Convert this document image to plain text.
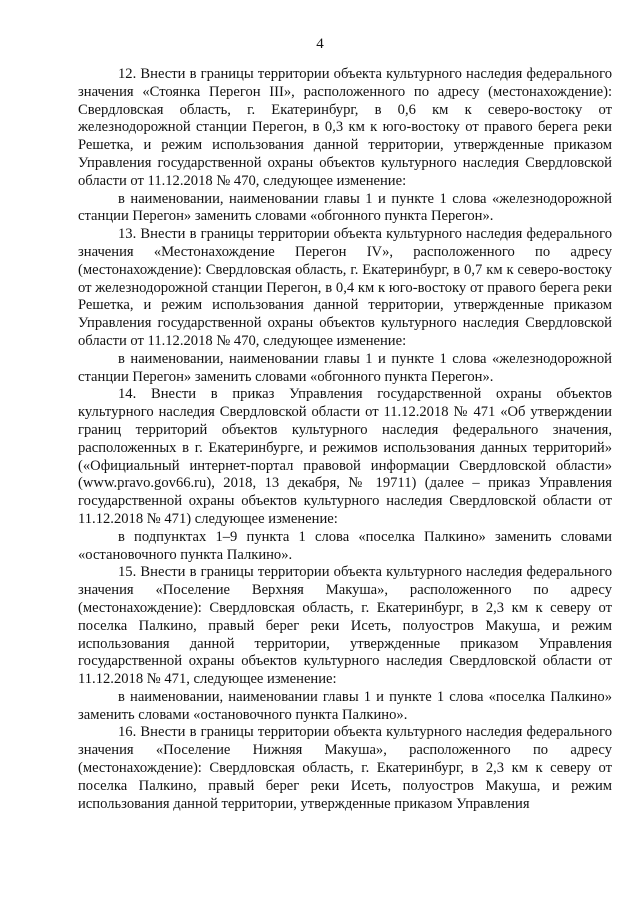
4

12. Внести в границы территории объекта культурного наследия федерального значения «Стоянка Перегон III», расположенного по адресу (местонахождение): Свердловская область, г. Екатеринбург, в 0,6 км к северо-востоку от железнодорожной станции Перегон, в 0,3 км к юго-востоку от правого берега реки Решетка, и режим использования данной территории, утвержденные приказом Управления государственной охраны объектов культурного наследия Свердловской области от 11.12.2018 № 470, следующее изменение:

в наименовании, наименовании главы 1 и пункте 1 слова «железнодорожной станции Перегон» заменить словами «обгонного пункта Перегон».

13. Внести в границы территории объекта культурного наследия федерального значения «Местонахождение Перегон IV», расположенного по адресу (местонахождение): Свердловская область, г. Екатеринбург, в 0,7 км к северо-востоку от железнодорожной станции Перегон, в 0,4 км к юго-востоку от правого берега реки Решетка, и режим использования данной территории, утвержденные приказом Управления государственной охраны объектов культурного наследия Свердловской области от 11.12.2018 № 470, следующее изменение:

в наименовании, наименовании главы 1 и пункте 1 слова «железнодорожной станции Перегон» заменить словами «обгонного пункта Перегон».

14. Внести в приказ Управления государственной охраны объектов культурного наследия Свердловской области от 11.12.2018 № 471 «Об утверждении границ территорий объектов культурного наследия федерального значения, расположенных в г. Екатеринбурге, и режимов использования данных территорий» («Официальный интернет-портал правовой информации Свердловской области» (www.pravo.gov66.ru), 2018, 13 декабря, № 19711) (далее – приказ Управления государственной охраны объектов культурного наследия Свердловской области от 11.12.2018 № 471) следующее изменение:

в подпунктах 1–9 пункта 1 слова «поселка Палкино» заменить словами «остановочного пункта Палкино».

15. Внести в границы территории объекта культурного наследия федерального значения «Поселение Верхняя Макуша», расположенного по адресу (местонахождение): Свердловская область, г. Екатеринбург, в 2,3 км к северу от поселка Палкино, правый берег реки Исеть, полуостров Макуша, и режим использования данной территории, утвержденные приказом Управления государственной охраны объектов культурного наследия Свердловской области от 11.12.2018 № 471, следующее изменение:

в наименовании, наименовании главы 1 и пункте 1 слова «поселка Палкино» заменить словами «остановочного пункта Палкино».

16. Внести в границы территории объекта культурного наследия федерального значения «Поселение Нижняя Макуша», расположенного по адресу (местонахождение): Свердловская область, г. Екатеринбург, в 2,3 км к северу от поселка Палкино, правый берег реки Исеть, полуостров Макуша, и режим использования данной территории, утвержденные приказом Управления
